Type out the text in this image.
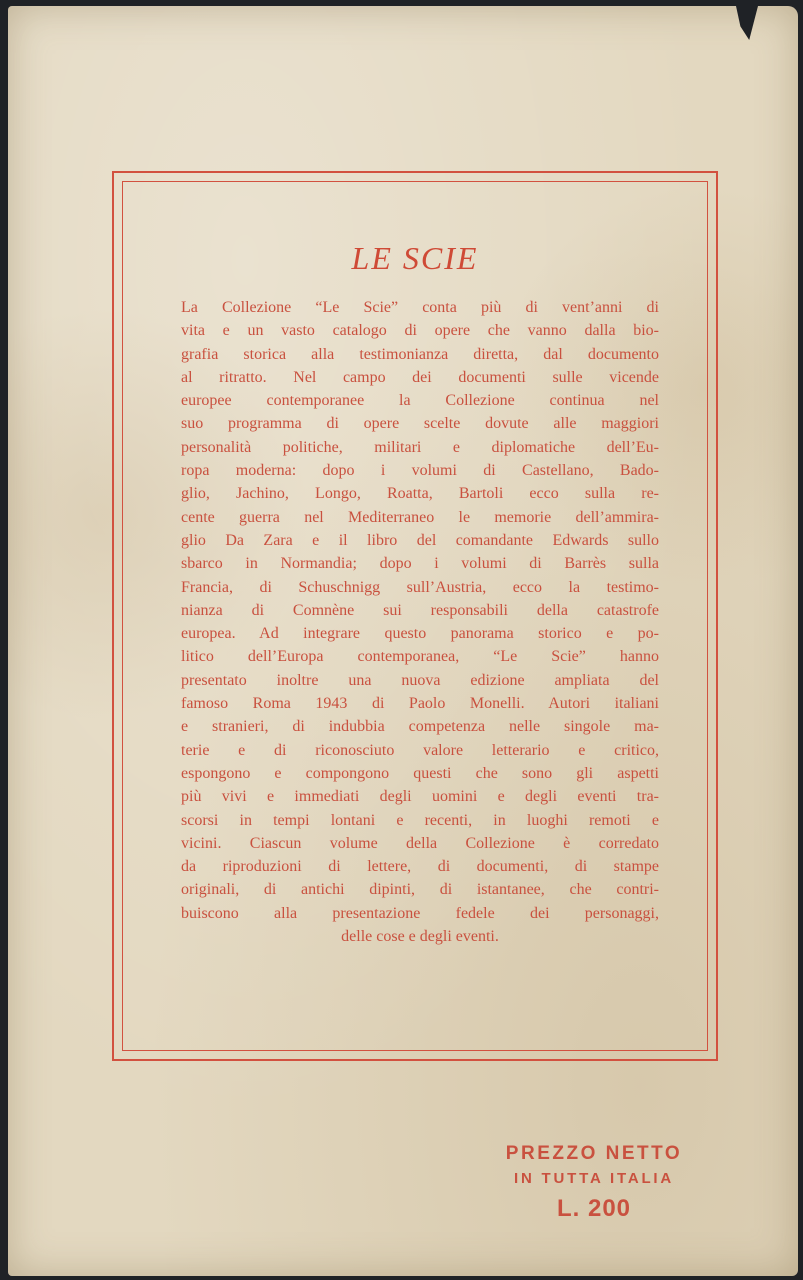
LE SCIE
La Collezione “Le Scie” conta più di vent’anni di
vita e un vasto catalogo di opere che vanno dalla bio-
grafia storica alla testimonianza diretta, dal documento
al ritratto. Nel campo dei documenti sulle vicende
europee contemporanee la Collezione continua nel
suo programma di opere scelte dovute alle maggiori
personalità politiche, militari e diplomatiche dell’Eu-
ropa moderna: dopo i volumi di Castellano, Bado-
glio, Jachino, Longo, Roatta, Bartoli ecco sulla re-
cente guerra nel Mediterraneo le memorie dell’ammira-
glio Da Zara e il libro del comandante Edwards sullo
sbarco in Normandia; dopo i volumi di Barrès sulla
Francia, di Schuschnigg sull’Austria, ecco la testimo-
nianza di Comnène sui responsabili della catastrofe
europea. Ad integrare questo panorama storico e po-
litico dell’Europa contemporanea, “Le Scie” hanno
presentato inoltre una nuova edizione ampliata del
famoso Roma 1943 di Paolo Monelli. Autori italiani
e stranieri, di indubbia competenza nelle singole ma-
terie e di riconosciuto valore letterario e critico,
espongono e compongono questi che sono gli aspetti
più vivi e immediati degli uomini e degli eventi tra-
scorsi in tempi lontani e recenti, in luoghi remoti e
vicini. Ciascun volume della Collezione è corredato
da riproduzioni di lettere, di documenti, di stampe
originali, di antichi dipinti, di istantanee, che contri-
buiscono alla presentazione fedele dei personaggi,
delle cose e degli eventi.
PREZZO NETTO
IN TUTTA ITALIA
L. 200
